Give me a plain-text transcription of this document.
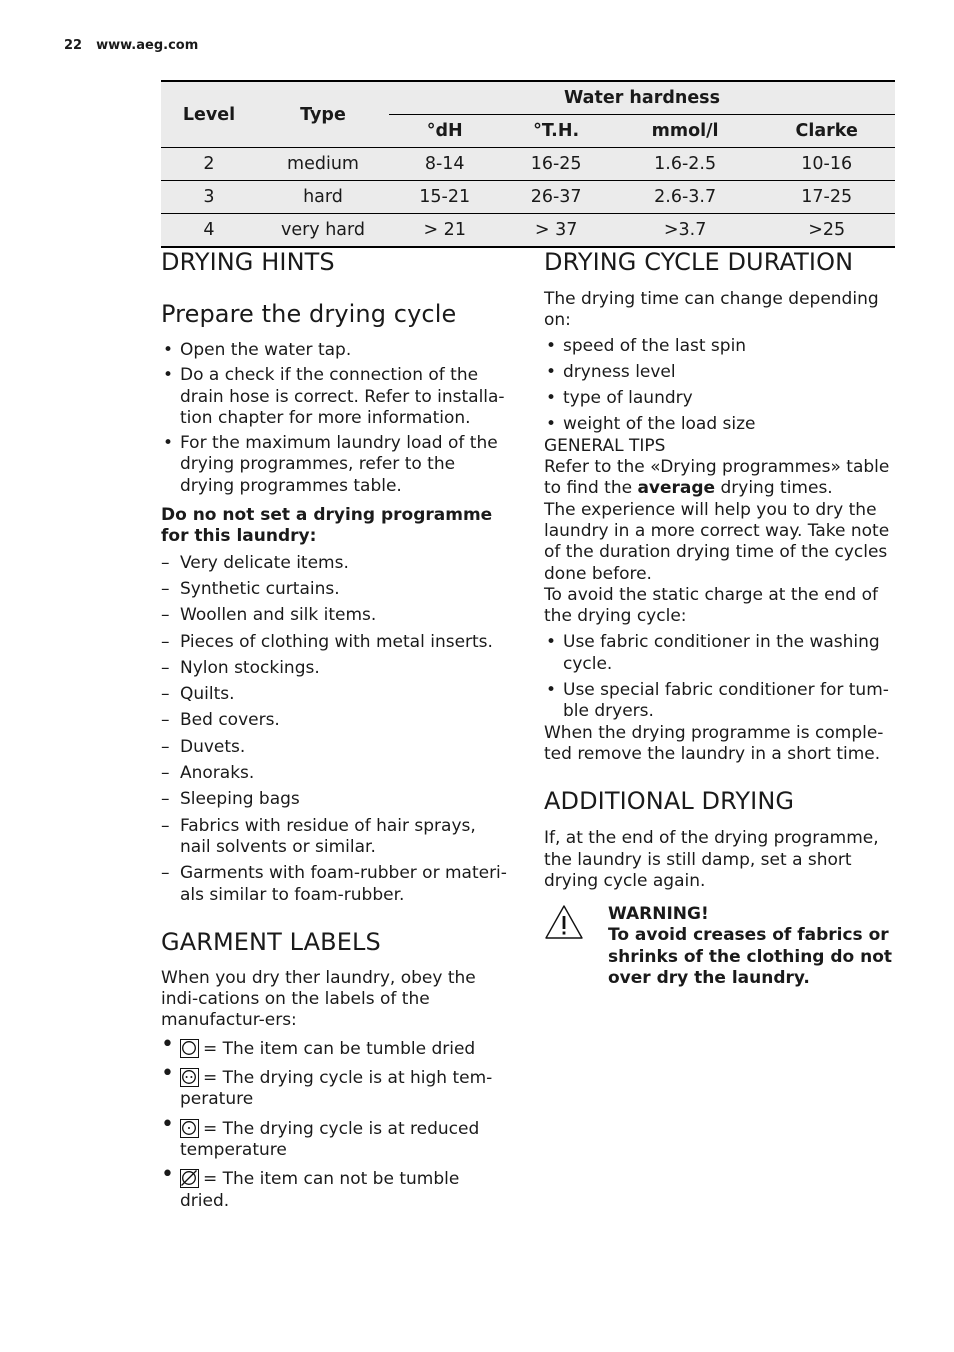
22 www.aeg.com
Level	Type	Water hardness			
		°dH	°T.H.	mmol/l	Clarke
2	medium	8-14	16-25	1.6-2.5	10-16
3	hard	15-21	26-37	2.6-3.7	17-25
4	very hard	> 21	> 37	>3.7	>25
DRYING HINTS
Prepare the drying cycle
• Open the water tap.
• Do a check if the connection of the drain hose is correct. Refer to installa-tion chapter for more information.
• For the maximum laundry load of the drying programmes, refer to the drying programmes table.

Do no not set a drying programme for this laundry:

– Very delicate items.
– Synthetic curtains.
– Woollen and silk items.
– Pieces of clothing with metal inserts.
– Nylon stockings.
– Quilts.
– Bed covers.
– Duvets.
– Anoraks.
– Sleeping bags
– Fabrics with residue of hair sprays, nail solvents or similar.
– Garments with foam-rubber or materi-als similar to foam-rubber.
GARMENT LABELS

When you dry ther laundry, obey the indi-cations on the labels of the manufactur-ers:

• = The item can be tumble dried
• = The drying cycle is at high tem-perature
• = The drying cycle is at reduced temperature
• = The item can not be tumble dried.
DRYING CYCLE DURATION

The drying time can change depending on:

• speed of the last spin
• dryness level
• type of laundry
• weight of the load size

GENERAL TIPS

Refer to the «Drying programmes» table to find the average drying times.

The experience will help you to dry the laundry in a more correct way. Take note of the duration drying time of the cycles done before.

To avoid the static charge at the end of the drying cycle:

• Use fabric conditioner in the washing cycle.
• Use special fabric conditioner for tum-ble dryers.

When the drying programme is comple-ted remove the laundry in a short time.

ADDITIONAL DRYING

If, at the end of the drying programme, the laundry is still damp, set a short drying cycle again.

WARNING!
To avoid creases of fabrics or shrinks of the clothing do not over dry the laundry.
